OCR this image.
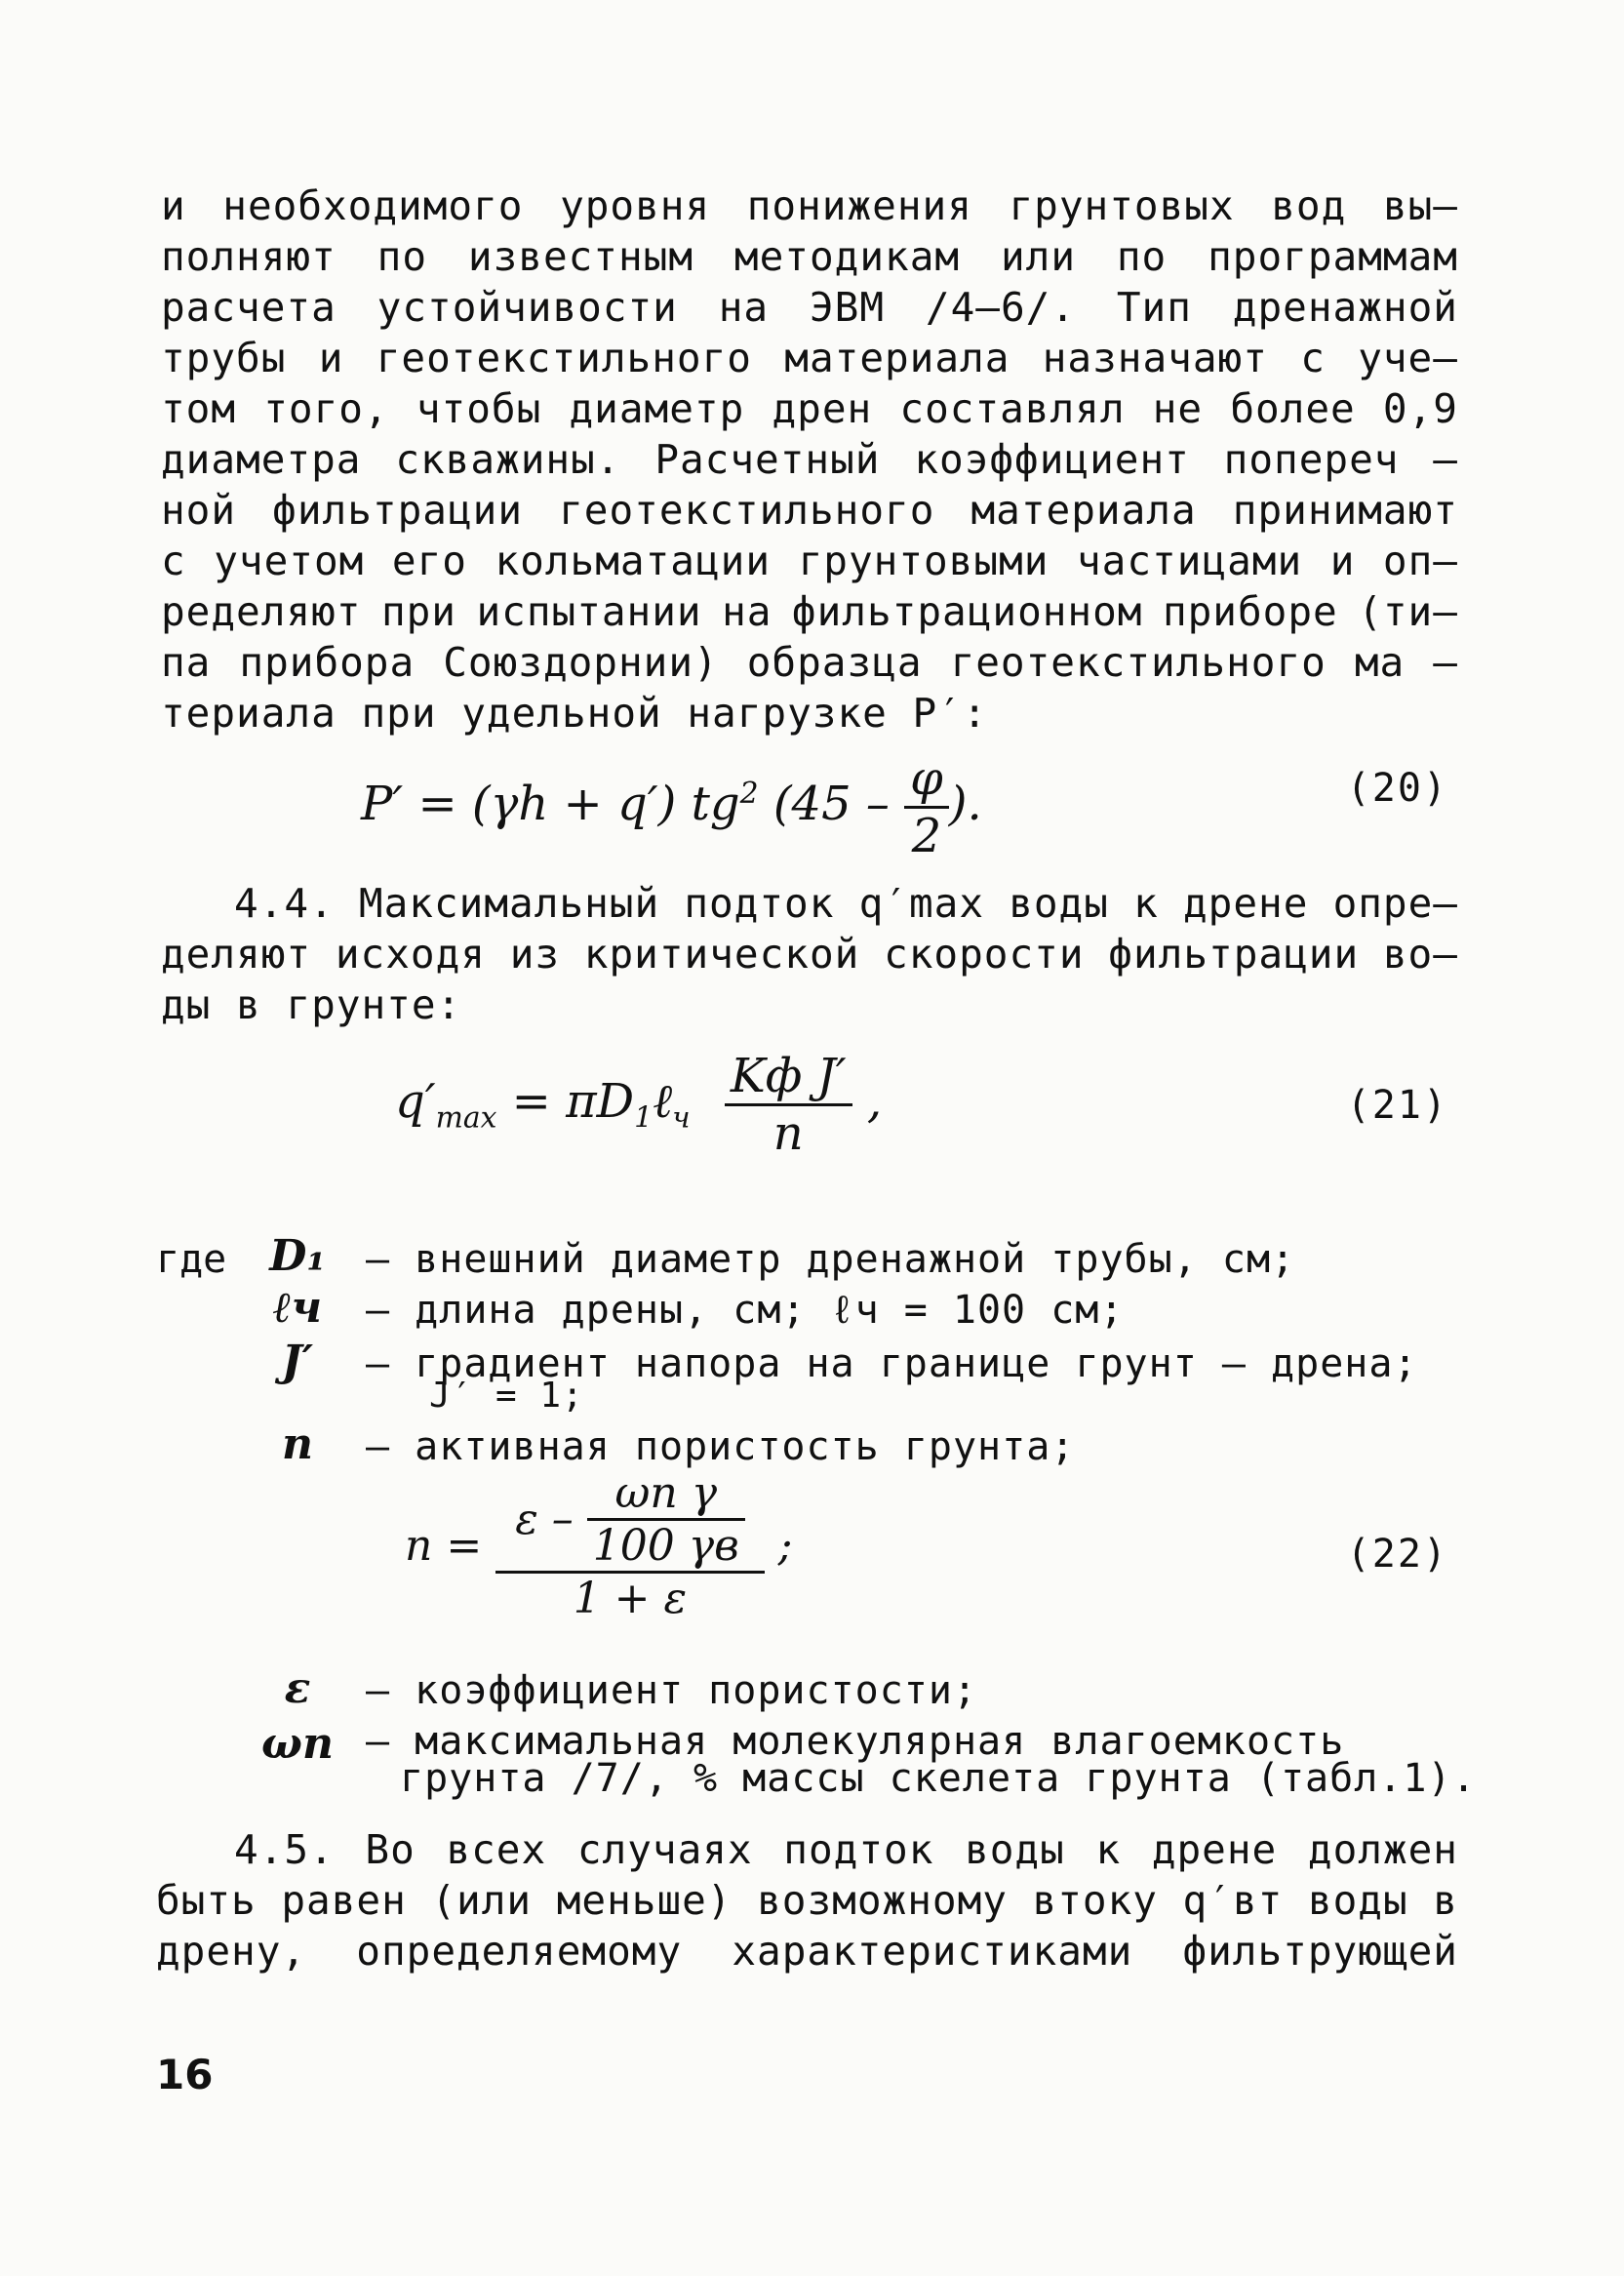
и необходимого уровня понижения грунтовых вод вы–
полняют по известным методикам или по программам
расчета устойчивости на ЭВМ /4–6/. Тип дренажной
трубы и геотекстильного материала назначают с уче–
том того, чтобы диаметр дрен составлял не более 0,9
диаметра скважины. Расчетный коэффициент попереч –
ной фильтрации геотекстильного материала принимают
с учетом его кольматации грунтовыми частицами и оп–
ределяют при испытании на фильтрационном приборе (ти–
па прибора Союздорнии) образца геотекстильного ма –
териала при удельной нагрузке P′:
P′ = (γh + q′) $tg^2$ ($45 - \frac{\varphi}{2}$ ).	(20)
4.4. Максимальный подток q′max воды к дрене опре–
деляют исходя из критической скорости фильтрации во–
ды в грунте:
$q'_{max}$ = $\pi D_1\ell_ч \frac{\text{Kф J′}}{n}$ ,	(21)
где D₁ – внешний диаметр дренажной трубы, см;
ℓч	– длина дрены, см; ℓч = 100 см;
J′	– градиент напора на границе грунт – дрена;
J′ = 1;
n	– активная пористость грунта;
$n = \frac{\varepsilon - \frac{\text{ωn γ}}{100 \gamma в}}{1 + \varepsilon}$ ;	(22)
ε	– коэффициент пористости;
ωn – максимальная молекулярная влагоемкость
грунта /7/, % массы скелета грунта (табл.1).
4.5. Во всех случаях подток воды к дрене должен
быть равен (или меньше) возможному втоку q′вт воды в
дрену, определяемому характеристиками фильтрующей
16
